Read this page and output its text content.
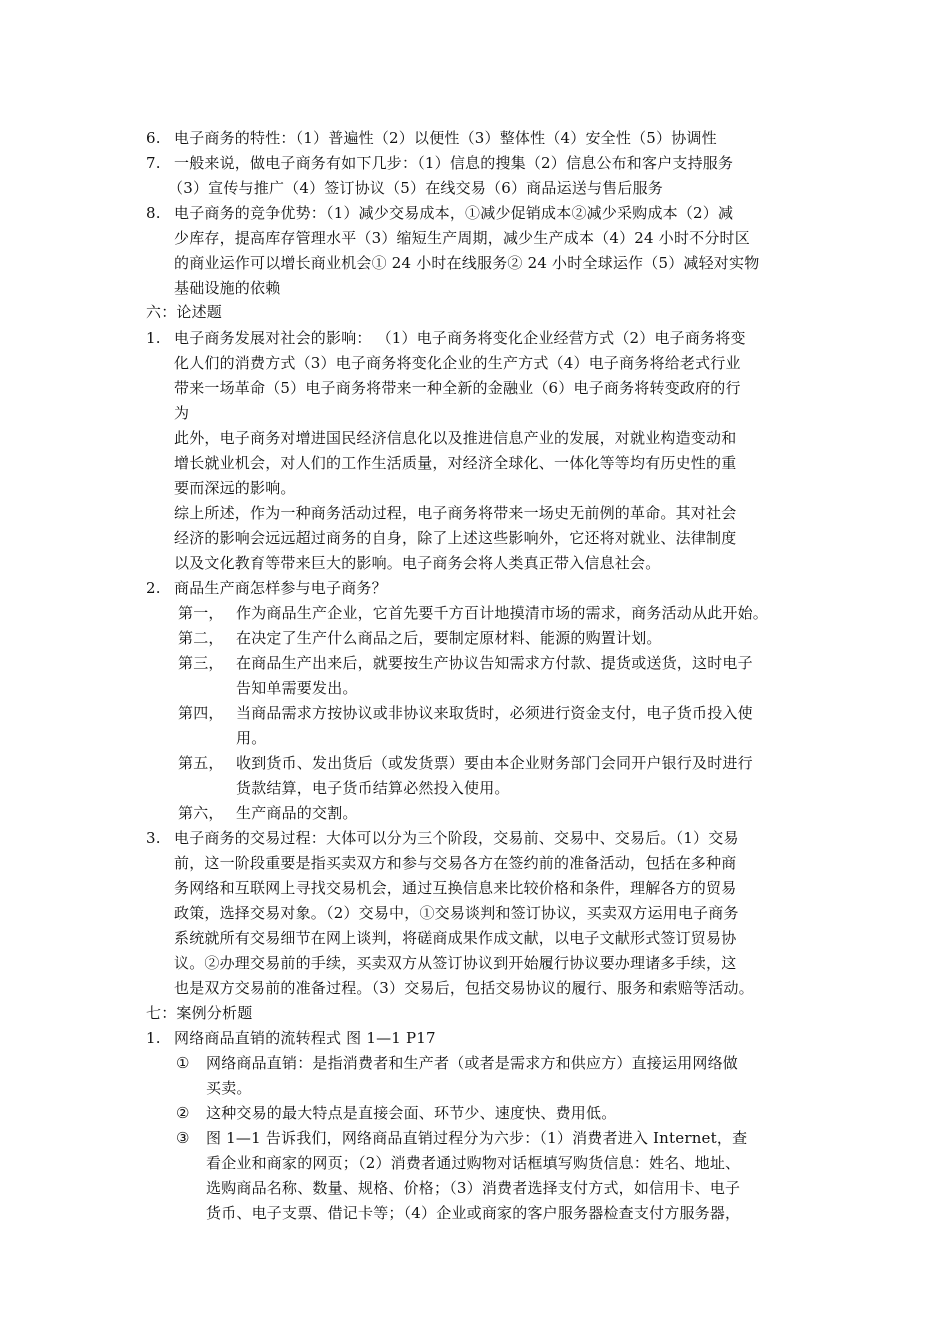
6. 电子商务的特性：（1）普遍性（2）以便性（3）整体性（4）安全性（5）协调性
7. 一般来说，做电子商务有如下几步：（1）信息的搜集（2）信息公布和客户支持服务
（3）宣传与推广（4）签订协议（5）在线交易（6）商品运送与售后服务
8. 电子商务的竞争优势：（1）减少交易成本，①减少促销成本②减少采购成本（2）减
少库存，提高库存管理水平（3）缩短生产周期，减少生产成本（4）24 小时不分时区
的商业运作可以增长商业机会① 24 小时在线服务② 24 小时全球运作（5）减轻对实物
基础设施的依赖
六：论述题
1. 电子商务发展对社会的影响： （1）电子商务将变化企业经营方式（2）电子商务将变
化人们的消费方式（3）电子商务将变化企业的生产方式（4）电子商务将给老式行业
带来一场革命（5）电子商务将带来一种全新的金融业（6）电子商务将转变政府的行
为
此外，电子商务对增进国民经济信息化以及推进信息产业的发展，对就业构造变动和
增长就业机会，对人们的工作生活质量，对经济全球化、一体化等等均有历史性的重
要而深远的影响。
综上所述，作为一种商务活动过程，电子商务将带来一场史无前例的革命。其对社会
经济的影响会远远超过商务的自身，除了上述这些影响外，它还将对就业、法律制度
以及文化教育等带来巨大的影响。电子商务会将人类真正带入信息社会。
2. 商品生产商怎样参与电子商务？
第一， 作为商品生产企业，它首先要千方百计地摸清市场的需求，商务活动从此开始。
第二， 在决定了生产什么商品之后，要制定原材料、能源的购置计划。
第三， 在商品生产出来后，就要按生产协议告知需求方付款、提货或送货，这时电子
告知单需要发出。
第四， 当商品需求方按协议或非协议来取货时，必须进行资金支付，电子货币投入使
用。
第五， 收到货币、发出货后（或发货票）要由本企业财务部门会同开户银行及时进行
货款结算，电子货币结算必然投入使用。
第六， 生产商品的交割。
3. 电子商务的交易过程：大体可以分为三个阶段，交易前、交易中、交易后。（1）交易
前，这一阶段重要是指买卖双方和参与交易各方在签约前的准备活动，包括在多种商
务网络和互联网上寻找交易机会，通过互换信息来比较价格和条件，理解各方的贸易
政策，选择交易对象。（2）交易中，①交易谈判和签订协议，买卖双方运用电子商务
系统就所有交易细节在网上谈判，将磋商成果作成文献，以电子文献形式签订贸易协
议。②办理交易前的手续，买卖双方从签订协议到开始履行协议要办理诸多手续，这
也是双方交易前的准备过程。（3）交易后，包括交易协议的履行、服务和索赔等活动。
七：案例分析题
1. 网络商品直销的流转程式 图 1—1 P17
① 网络商品直销：是指消费者和生产者（或者是需求方和供应方）直接运用网络做
买卖。
② 这种交易的最大特点是直接会面、环节少、速度快、费用低。
③ 图 1—1 告诉我们，网络商品直销过程分为六步：（1）消费者进入 Internet，查
看企业和商家的网页；（2）消费者通过购物对话框填写购货信息：姓名、地址、
选购商品名称、数量、规格、价格；（3）消费者选择支付方式，如信用卡、电子
货币、电子支票、借记卡等；（4）企业或商家的客户服务器检查支付方服务器，
